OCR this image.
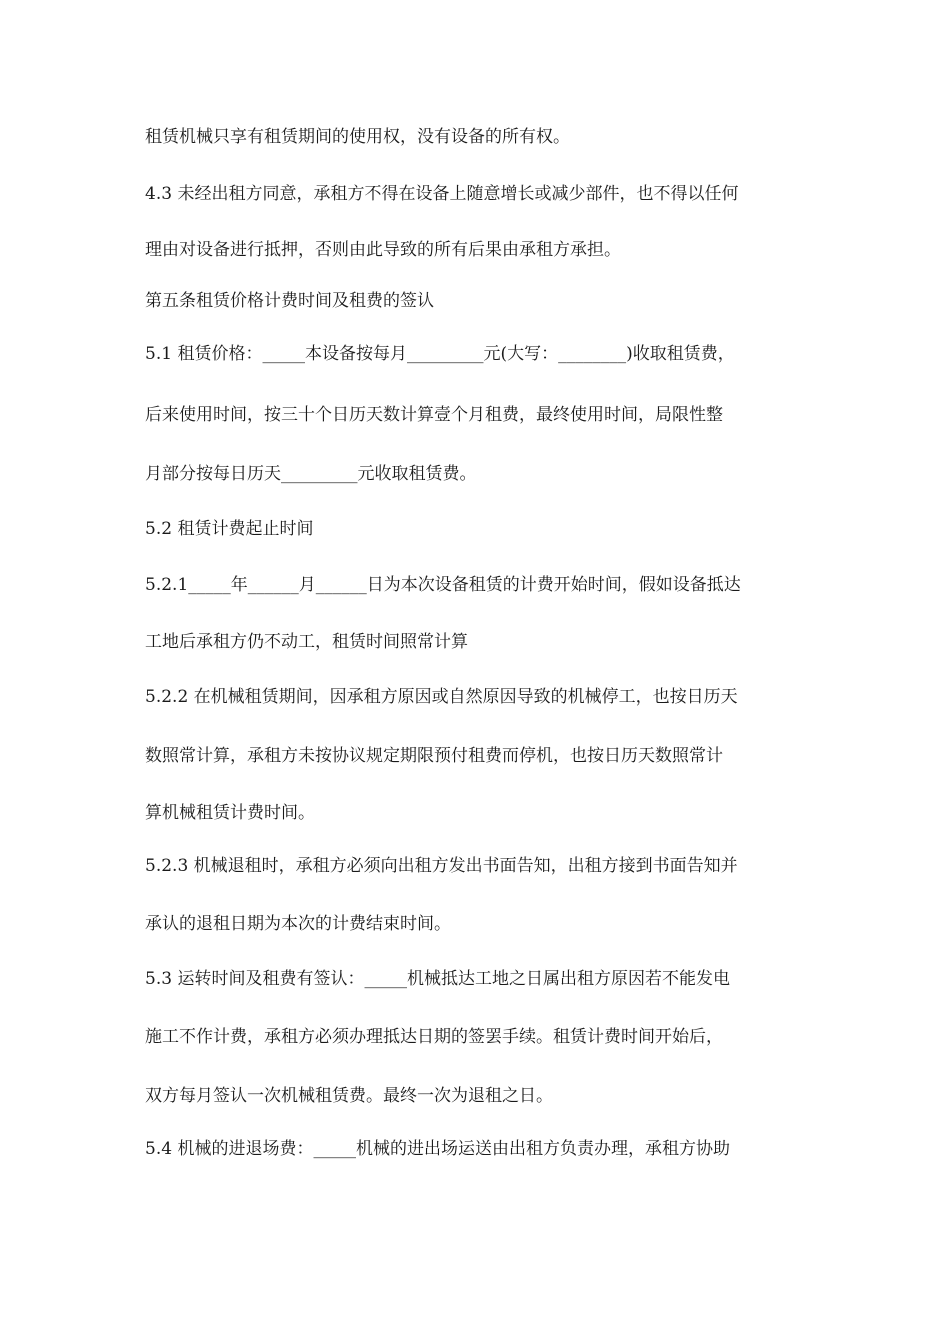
租赁机械只享有租赁期间的使用权，没有设备的所有权。

4.3 未经出租方同意，承租方不得在设备上随意增长或减少部件，也不得以任何

理由对设备进行抵押，否则由此导致的所有后果由承租方承担。

第五条租赁价格计费时间及租费的签认

5.1 租赁价格：_____本设备按每月_________元(大写：________)收取租赁费，

后来使用时间，按三十个日历天数计算壹个月租费，最终使用时间，局限性整

月部分按每日历天_________元收取租赁费。

5.2 租赁计费起止时间

5.2.1_____年______月______日为本次设备租赁的计费开始时间，假如设备抵达

工地后承租方仍不动工，租赁时间照常计算

5.2.2 在机械租赁期间，因承租方原因或自然原因导致的机械停工，也按日历天

数照常计算，承租方未按协议规定期限预付租费而停机，也按日历天数照常计

算机械租赁计费时间。

5.2.3 机械退租时，承租方必须向出租方发出书面告知，出租方接到书面告知并

承认的退租日期为本次的计费结束时间。

5.3 运转时间及租费有签认：_____机械抵达工地之日属出租方原因若不能发电

施工不作计费，承租方必须办理抵达日期的签罢手续。租赁计费时间开始后，

双方每月签认一次机械租赁费。最终一次为退租之日。

5.4 机械的进退场费：_____机械的进出场运送由出租方负责办理，承租方协助
